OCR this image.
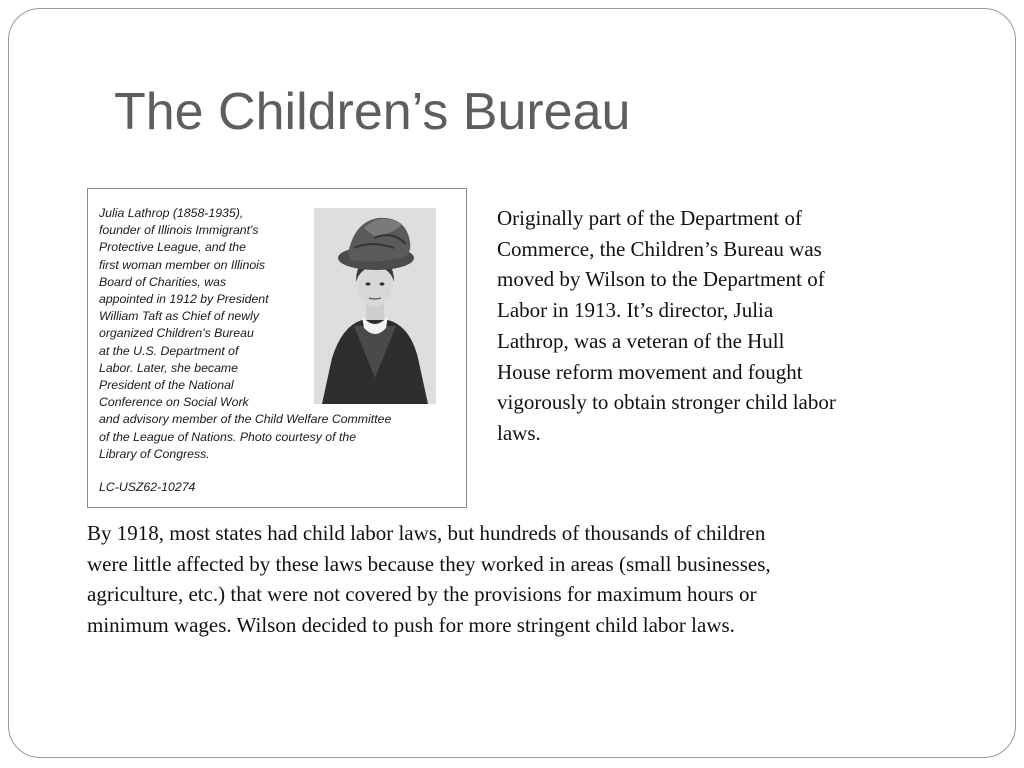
The Children’s Bureau
Julia Lathrop (1858-1935),
founder of Illinois Immigrant's
Protective League, and the
first woman member on Illinois
Board of Charities, was
appointed in 1912 by President
William Taft as Chief of newly
organized Children's Bureau
at the U.S. Department of
Labor. Later, she became
President of the National
Conference on Social Work
and advisory member of the Child Welfare Committee
of the League of Nations. Photo courtesy of the
Library of Congress.
LC-USZ62-10274
Originally part of the Department of
Commerce, the Children’s Bureau was
moved by Wilson to the Department of
Labor in 1913. It’s director, Julia
Lathrop, was a veteran of the Hull
House reform movement and fought
vigorously to obtain stronger child labor
laws.
By 1918, most states had child labor laws, but hundreds of thousands of children
were little affected by these laws because they worked in areas (small businesses,
agriculture, etc.) that were not covered by the provisions for maximum hours or
minimum wages. Wilson decided to push for more stringent child labor laws.
